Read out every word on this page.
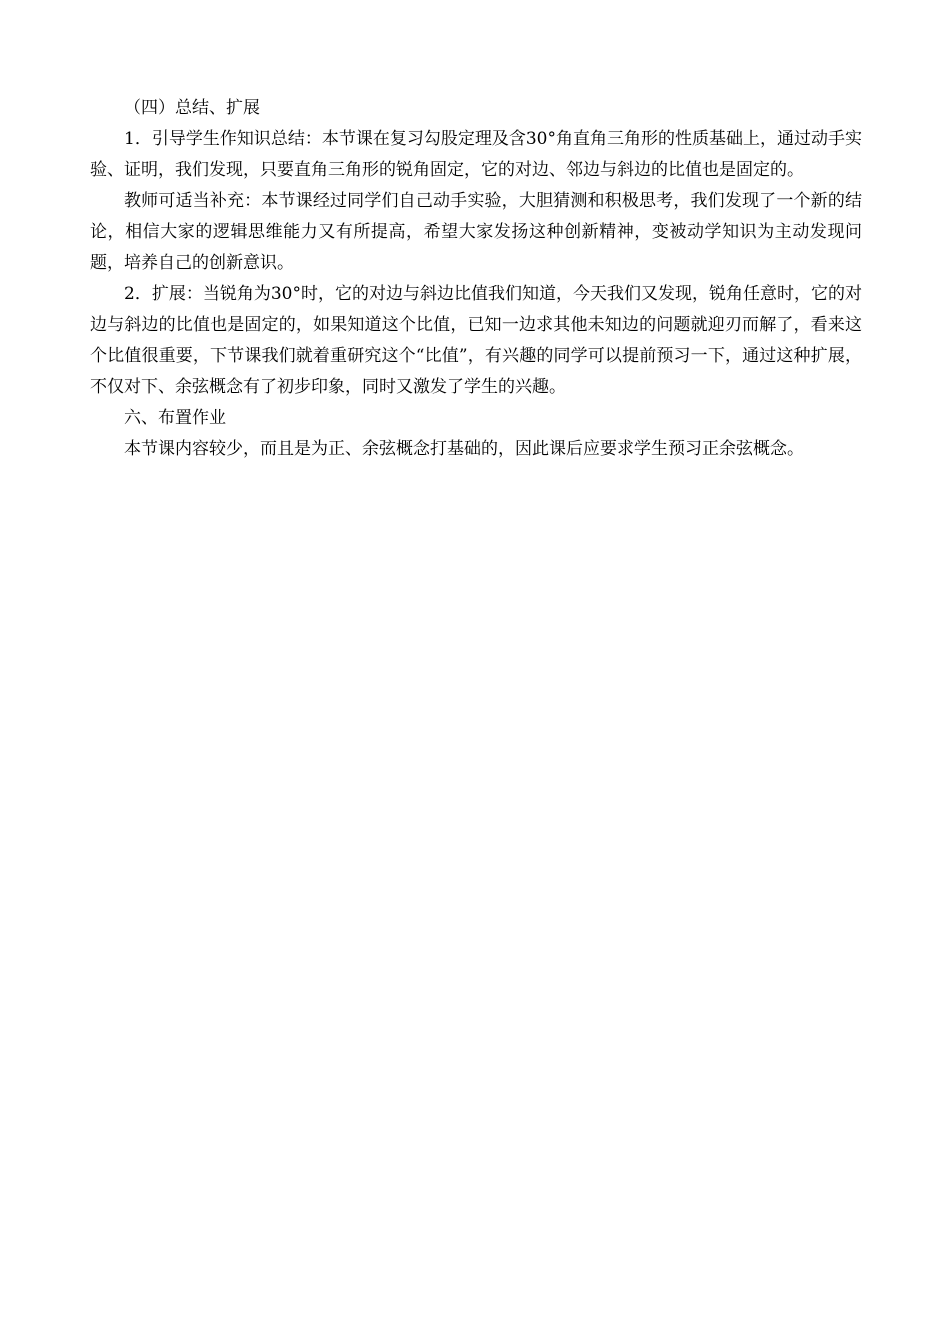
（四）总结、扩展

1．引导学生作知识总结：本节课在复习勾股定理及含30°角直角三角形的性质基础上，通过动手实验、证明，我们发现，只要直角三角形的锐角固定，它的对边、邻边与斜边的比值也是固定的。

教师可适当补充：本节课经过同学们自己动手实验，大胆猜测和积极思考，我们发现了一个新的结论，相信大家的逻辑思维能力又有所提高，希望大家发扬这种创新精神，变被动学知识为主动发现问题，培养自己的创新意识。

2．扩展：当锐角为30°时，它的对边与斜边比值我们知道，今天我们又发现，锐角任意时，它的对边与斜边的比值也是固定的，如果知道这个比值，已知一边求其他未知边的问题就迎刃而解了，看来这个比值很重要，下节课我们就着重研究这个“比值”，有兴趣的同学可以提前预习一下，通过这种扩展，不仅对下、余弦概念有了初步印象，同时又激发了学生的兴趣。

六、布置作业

本节课内容较少，而且是为正、余弦概念打基础的，因此课后应要求学生预习正余弦概念。
